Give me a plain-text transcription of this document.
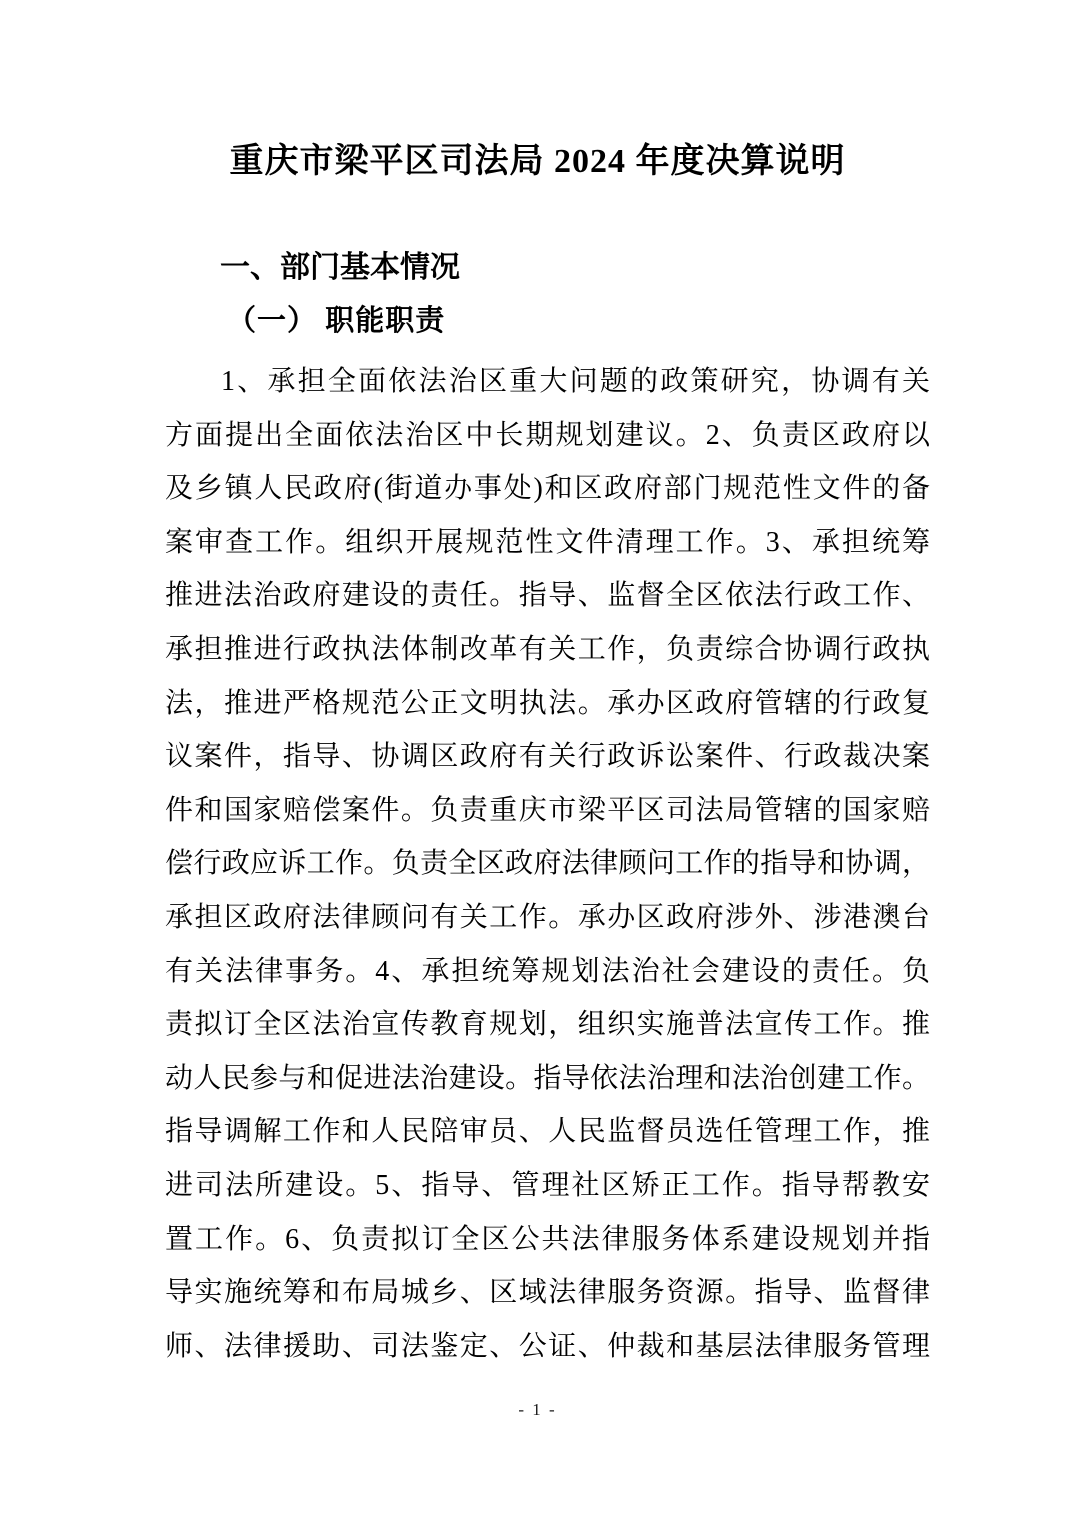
重庆市梁平区司法局 2024 年度决算说明
一、部门基本情况
（一） 职能职责
1、承担全面依法治区重大问题的政策研究，协调有关
方面提出全面依法治区中长期规划建议。2、负责区政府以
及乡镇人民政府(街道办事处)和区政府部门规范性文件的备
案审查工作。组织开展规范性文件清理工作。3、承担统筹
推进法治政府建设的责任。指导、监督全区依法行政工作、
承担推进行政执法体制改革有关工作，负责综合协调行政执
法，推进严格规范公正文明执法。承办区政府管辖的行政复
议案件，指导、协调区政府有关行政诉讼案件、行政裁决案
件和国家赔偿案件。负责重庆市梁平区司法局管辖的国家赔
偿行政应诉工作。负责全区政府法律顾问工作的指导和协调，
承担区政府法律顾问有关工作。承办区政府涉外、涉港澳台
有关法律事务。4、承担统筹规划法治社会建设的责任。负
责拟订全区法治宣传教育规划，组织实施普法宣传工作。推
动人民参与和促进法治建设。指导依法治理和法治创建工作。
指导调解工作和人民陪审员、人民监督员选任管理工作，推
进司法所建设。5、指导、管理社区矫正工作。指导帮教安
置工作。6、负责拟订全区公共法律服务体系建设规划并指
导实施统筹和布局城乡、区域法律服务资源。指导、监督律
师、法律援助、司法鉴定、公证、仲裁和基层法律服务管理
- 1 -
